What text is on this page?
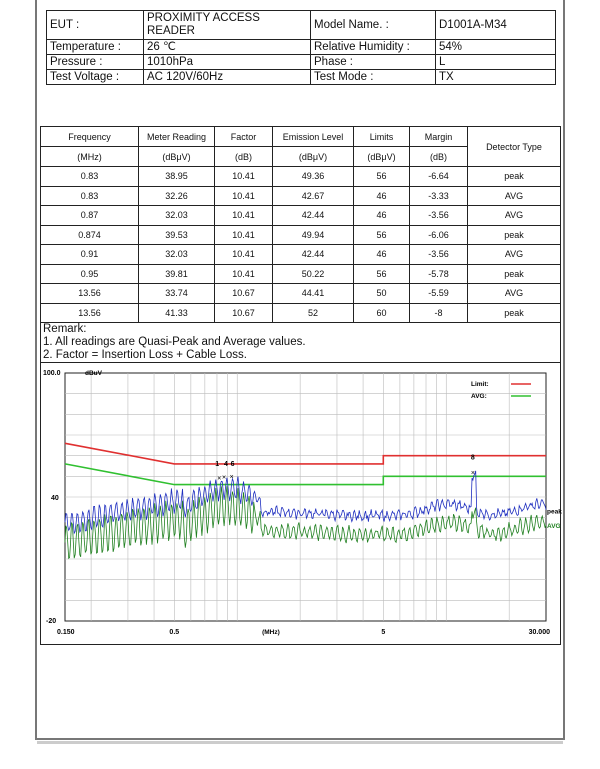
EUT :	PROXIMITY ACCESS READER	Model Name. :	D1001A-M34
Temperature :	26 ℃	Relative Humidity :	54%
Pressure :	1010hPa	Phase :	L
Test Voltage :	AC 120V/60Hz	Test Mode :	TX
Frequency	Meter Reading	Factor	Emission Level	Limits	Margin	Detector Type
(MHz)	(dBμV)	(dB)	(dBμV)	(dBμV)	(dB)	
0.83	38.95	10.41	49.36	56	-6.64	peak
0.83	32.26	10.41	42.67	46	-3.33	AVG
0.87	32.03	10.41	42.44	46	-3.56	AVG
0.874	39.53	10.41	49.94	56	-6.06	peak
0.91	32.03	10.41	42.44	46	-3.56	AVG
0.95	39.81	10.41	50.22	56	-5.78	peak
13.56	33.74	10.67	44.41	50	-5.59	AVG
13.56	41.33	10.67	52	60	-8	peak
Remark:
1. All readings are Quasi-Peak and Average values.
2. Factor = Insertion Loss + Cable Loss.
100.0	dBuV
40
-20
0.150	0.5	5	30.000
(MHz)
× × ×
×
1 4 6
8
Limit:
AVG:
peak
AVG
